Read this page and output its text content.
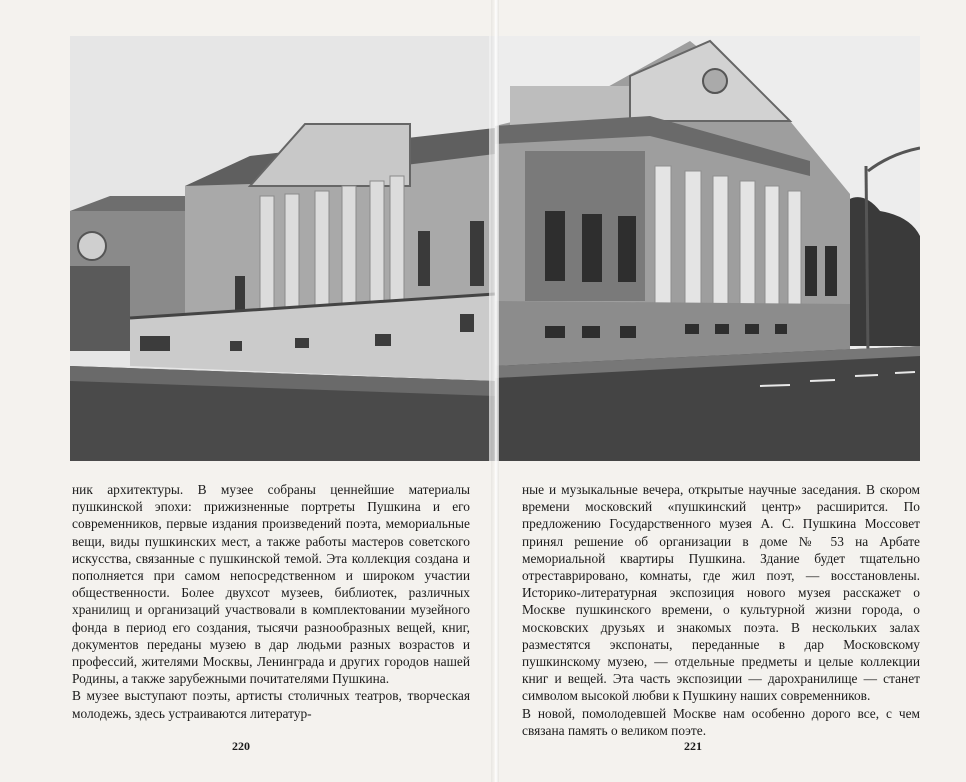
ник архитектуры. В музее собраны ценнейшие материалы пушкинской эпохи: прижизненные портреты Пушкина и его современников, первые издания произведений поэта, мемориальные вещи, виды пушкинских мест, а также работы мастеров советского искусства, связанные с пушкинской темой. Эта коллекция создана и пополняется при самом непосредственном и широком участии общественности. Более двухсот музеев, библиотек, различных хранилищ и организаций участвовали в комплектовании музейного фонда в период его создания, тысячи разнообразных вещей, книг, документов переданы музею в дар людьми разных возрастов и профессий, жителями Москвы, Ленинграда и других городов нашей Родины, а также зарубежными почитателями Пушкина.

В музее выступают поэты, артисты столичных театров, творческая молодежь, здесь устраиваются литератур-

ные и музыкальные вечера, открытые научные заседания. В скором времени московский «пушкинский центр» расширится. По предложению Государственного музея А. С. Пушкина Моссовет принял решение об организации в доме № 53 на Арбате мемориальной квартиры Пушкина. Здание будет тщательно отреставрировано, комнаты, где жил поэт, — восстановлены. Историко-литературная экспозиция нового музея расскажет о Москве пушкинского времени, о культурной жизни города, о московских друзьях и знакомых поэта. В нескольких залах разместятся экспонаты, переданные в дар Московскому пушкинскому музею, — отдельные предметы и целые коллекции книг и вещей. Эта часть экспозиции — дарохранилище — станет символом высокой любви к Пушкину наших современников.

В новой, помолодевшей Москве нам особенно дорого все, с чем связана память о великом поэте.

220	221
